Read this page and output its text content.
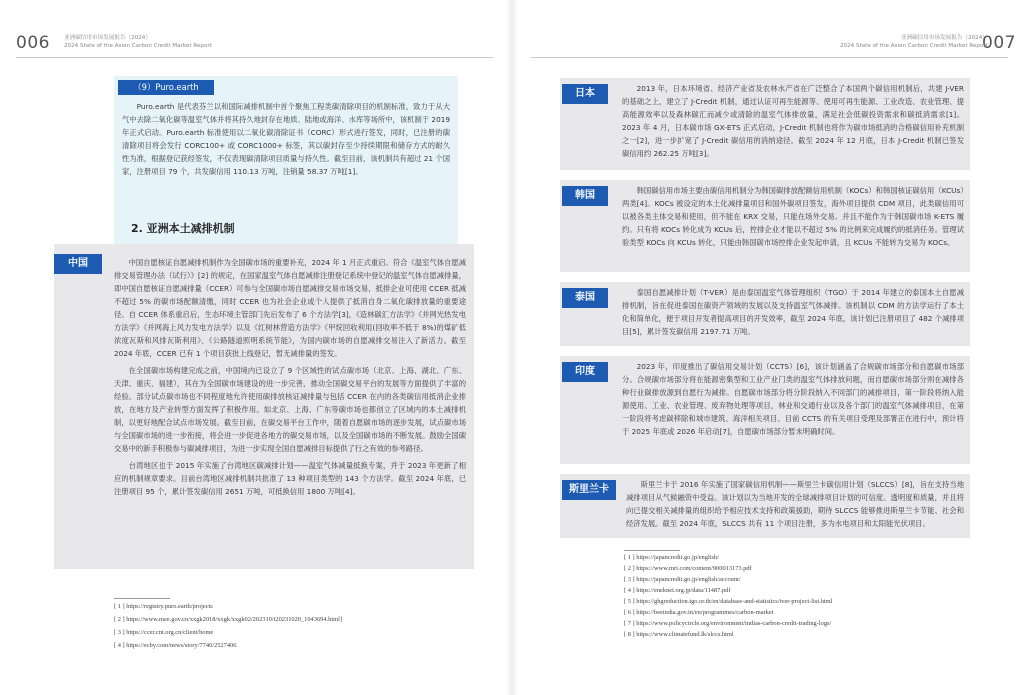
006	亚洲碳信用市场发展报告（2024）
2024 State of the Asian Carbon Credit Market Report
（9）Puro.earth

Puro.earth 是代表芬兰以和国际减排机制中首个聚焦工程类碳清除项目的机制标准，致力于从大气中去除二氧化碳等温室气体并将其持久地封存在地质、陆地或海洋、水库等场所中，该机制于 2019 年正式启动。Puro.earth 标准使用以二氧化碳清除证书（CORC）形式进行签发，同时，已注册的碳清除项目将会发行 CORC100+ 或 CORC1000+ 标签，其以碳封存至少持续期限和储存方式的耐久性为准，根据登记获经签发，不仅表现碳清除项目质量与持久性。截至目前，该机制共有超过 21 个国家，注册项目 79 个，共发碳信用 110.13 万吨，注销量 58.37 万吨[1]。

2. 亚洲本土减排机制
中国	中国自愿核证自愿减排机制作为全国碳市场的重要补充，2024 年 1 月正式重启。符合《温室气体自愿减排交易管理办法（试行）》[2] 的规定，在国家温室气体自愿减排注册登记系统中登记的温室气体自愿减排量，即中国自愿核证自愿减排量（CCER）可参与全国碳市场自愿减排交易市场交易，抵排企业可使用 CCER 抵减不超过 5% 的碳市场配额清缴，同时 CCER 也为社会企业或个人提供了抵消自身二氧化碳排放量的重要途径。自 CCER 体系重启后，生态环境主管部门先后发布了 6 个方法学[3]，《造林碳汇方法学》《并网光热发电方法学》《并网海上风力发电方法学》以及《红树林营造方法学》《甲烷回收利用(回收率不低于 8%)的煤矿低浓度瓦斯和风排瓦斯利用》、《公路隧道照明系统节能》，为国内碳市场的自愿减排交易注入了新活力。截至 2024 年底，CCER 已有 1 个项目获批上线登记，暂无减排量的签发。

在全国碳市场构建完成之前，中国境内已设立了 9 个区域性的试点碳市场（北京、上海、湖北、广东、天津、重庆、福建），其在为全国碳市场建设的进一步完善，推动全国碳交易平台的发展等方面提供了丰富的经验。部分试点碳市场也不同程度地允许使用碳排放核证减排量与包括 CCER 在内的各类碳信用抵消企业排放，在地方及产业转型方面发挥了积极作用。如北京、上海、广东等碳市场也都创立了区域内的本土减排机制，以更好地配合试点市场发展。截至目前，在碳交易平台工作中，随着自愿碳市场的逐步发展，试点碳市场与全国碳市场的进一步衔接，将会进一步促进各地方的碳交易市场，以及全国碳市场的不断发展。鼓励全国碳交易中的新手积极参与碳减排项目，为进一步实现全国自愿减排目标提供了行之有效的参考路径。

台湾地区也于 2015 年实施了台湾地区碳减排计划——温室气体减量抵换专案，并于 2023 年更新了相应的机制规章要求。目前台湾地区减排机制共批准了 13 种项目类型的 143 个方法学。截至 2024 年底，已注册项目 95 个，累计签发碳信用 2651 万吨，可抵换信用 1800 万吨[4]。

[ 1 ] https://registry.puro.earth/projects
[ 2 ] https://www.mee.gov.cn/xxgk2018/xxgk/xxgk02/202310/t20231020_1043694.html]
[ 3 ] https://ccer.cnt.org.cn/client/home
[ 4 ] https://ecby.com/news/story/7740/2527406
007
亚洲碳信用市场发展报告（2024）
2024 State of the Asian Carbon Credit Market Report
日本	2013 年，日本环境省、经济产业省及农林水产省在广泛整合了本国两个碳信用机制后，共建 J-VER 的基础之上，建立了 J-Credit 机制，通过认证可再生能源等、使用可再生能源、工业改造、农业管理、提高能源效率以及森林碳汇而减少或清除的温室气体排放量，满足社会低碳投资需求和碳抵消需求[1]。2023 年 4 月，日本碳市场 GX-ETS 正式启动，J-Credit 机制也将作为碳市场抵消的合格碳信用补充机制之一[2]，进一步扩宽了 J-Credit 碳信用的消纳途径。截至 2024 年 12 月底，日本 J-Credit 机制已签发碳信用约 262.25 万吨[3]。

韩国	韩国碳信用市场主要由碳信用机制分为韩国碳排放配额信用机制（KOCs）和韩国核证碳信用（KCUs）两类[4]。KOCs 被设定的本土化减排量项目和国外碳项目签发，海外项目提供 CDM 项目，此类碳信用可以被各类主体交易和使用，但不能在 KRX 交易，只能在场外交易。并且不能作为于韩国碳市场 K-ETS 履约。只有将 KOCs 转化成为 KCUs 后，控排企业才能以不超过 5% 的比例来完成履约的抵消任务。管理试验类型 KOCs 向 KCUs 转化，只能由韩国碳市场控排企业发起申请，且 KCUs 不能转为交易为 KOCs。

泰国	泰国自愿减排计划（T-VER）是由泰国温室气体管理组织（TGO）于 2014 年建立的泰国本土自愿减排机制，旨在促进泰国在碳资产领域的发展以及支持温室气体减排。该机制以 CDM 的方法学运行了本土化和简单化，便于项目开发者提高项目的开发效率，截至 2024 年底，该计划已注册项目了 482 个减排项目[5]，累计签发碳信用 2197.71 万吨。

印度	2023 年，印度推出了碳信用交易计划（CCTS）[6]，该计划涵盖了合规碳市场部分和自愿碳市场部分。合规碳市场部分将在能源密集型和工业产业门类的温室气体排放问题，而自愿碳市场部分则在减排各种行业碳排放源到自愿行为减排。自愿碳市场部分将分阶段纳入不同部门的减排项目，第一阶段将纳入能源使用、工业、农业管理、废弃物处理等项目，林业和交通行业以及各个部门的温室气体减排项目，在第一阶段将考虑碳移除和城市建筑、海洋相关项目。目前 CCTS 的有关项目受理及部署正在进行中，预计将于 2025 年底或 2026 年启动[7]，自愿碳市场部分暂未明确时间。

斯里兰卡	斯里兰卡于 2016 年实施了国家碳信用机制——斯里兰卡碳信用计划（SLCCS）[8]，旨在支持当地减排项目从气候融资中受益。该计划以为当地开发的全球减排项目计划的可信度、透明度和质量，并且将向已提交相关减排量的组织给予相应技术支持和政策援助，期待 SLCCS 能够推进斯里兰卡节能、社会和经济发展。截至 2024 年底，SLCCS 共有 11 个项目注册，多为水电项目和太阳能光伏项目。

[ 1 ] https://japancredit.go.jp/english/
[ 2 ] https://www.mri.com/content/900013173.pdf
[ 3 ] https://japancredit.go.jp/english/account/
[ 4 ] https://eneknet.org.jp/data/11487.pdf
[ 5 ] https://ghgreduction.tgo.or.th/en/database-and-statistics/tver-project-list.html
[ 6 ] https://beeindia.gov.in/en/programmes/carbon-market
[ 7 ] https://www.policycircle.org/environment/indias-carbon-credit-trading-logs/
[ 8 ] https://www.climatefund.lk/slccs.html
